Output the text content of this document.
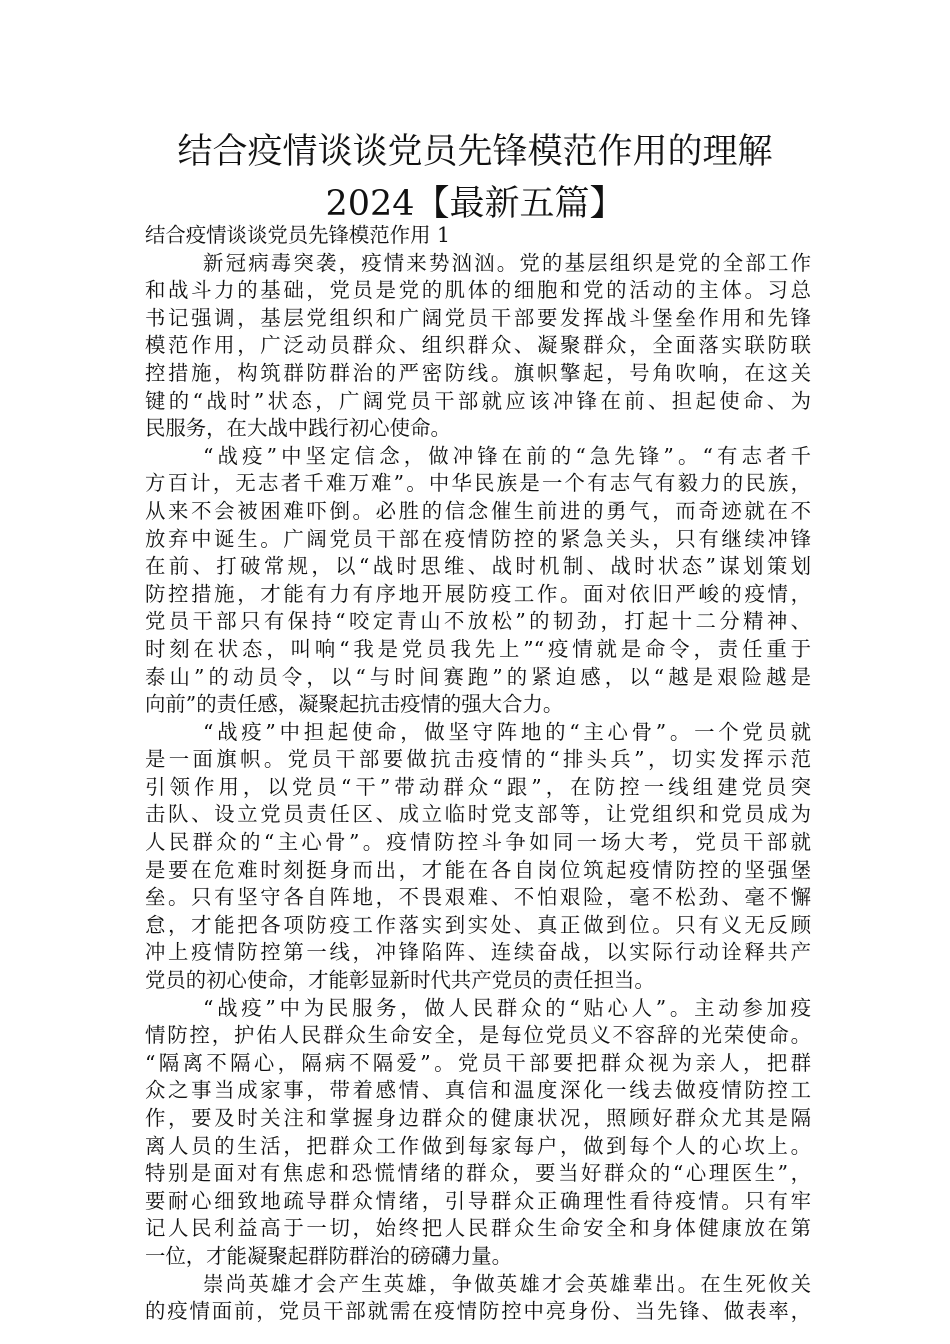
结合疫情谈谈党员先锋模范作用的理解
2024【最新五篇】
结合疫情谈谈党员先锋模范作用 1
新冠病毒突袭，疫情来势汹汹。党的基层组织是党的全部工作
和战斗力的基础，党员是党的肌体的细胞和党的活动的主体。习总
书记强调，基层党组织和广阔党员干部要发挥战斗堡垒作用和先锋
模范作用，广泛动员群众、组织群众、凝聚群众，全面落实联防联
控措施，构筑群防群治的严密防线。旗帜擎起，号角吹响，在这关
键的“战时”状态，广阔党员干部就应该冲锋在前、担起使命、为
民服务，在大战中践行初心使命。
“战疫”中坚定信念，做冲锋在前的“急先锋”。“有志者千
方百计，无志者千难万难”。中华民族是一个有志气有毅力的民族，
从来不会被困难吓倒。必胜的信念催生前进的勇气，而奇迹就在不
放弃中诞生。广阔党员干部在疫情防控的紧急关头，只有继续冲锋
在前、打破常规，以“战时思维、战时机制、战时状态”谋划策划
防控措施，才能有力有序地开展防疫工作。面对依旧严峻的疫情，
党员干部只有保持“咬定青山不放松”的韧劲，打起十二分精神、
时刻在状态，叫响“我是党员我先上”“疫情就是命令，责任重于
泰山”的动员令，以“与时间赛跑”的紧迫感，以“越是艰险越是
向前”的责任感，凝聚起抗击疫情的强大合力。
“战疫”中担起使命，做坚守阵地的“主心骨”。一个党员就
是一面旗帜。党员干部要做抗击疫情的“排头兵”，切实发挥示范
引领作用，以党员“干”带动群众“跟”，在防控一线组建党员突
击队、设立党员责任区、成立临时党支部等，让党组织和党员成为
人民群众的“主心骨”。疫情防控斗争如同一场大考，党员干部就
是要在危难时刻挺身而出，才能在各自岗位筑起疫情防控的坚强堡
垒。只有坚守各自阵地，不畏艰难、不怕艰险，毫不松劲、毫不懈
怠，才能把各项防疫工作落实到实处、真正做到位。只有义无反顾
冲上疫情防控第一线，冲锋陷阵、连续奋战，以实际行动诠释共产
党员的初心使命，才能彰显新时代共产党员的责任担当。
“战疫”中为民服务，做人民群众的“贴心人”。主动参加疫
情防控，护佑人民群众生命安全，是每位党员义不容辞的光荣使命。
“隔离不隔心，隔病不隔爱”。党员干部要把群众视为亲人，把群
众之事当成家事，带着感情、真信和温度深化一线去做疫情防控工
作，要及时关注和掌握身边群众的健康状况，照顾好群众尤其是隔
离人员的生活，把群众工作做到每家每户，做到每个人的心坎上。
特别是面对有焦虑和恐慌情绪的群众，要当好群众的“心理医生”，
要耐心细致地疏导群众情绪，引导群众正确理性看待疫情。只有牢
记人民利益高于一切，始终把人民群众生命安全和身体健康放在第
一位，才能凝聚起群防群治的磅礴力量。
崇尚英雄才会产生英雄，争做英雄才会英雄辈出。在生死攸关
的疫情面前，党员干部就需在疫情防控中亮身份、当先锋、做表率，
